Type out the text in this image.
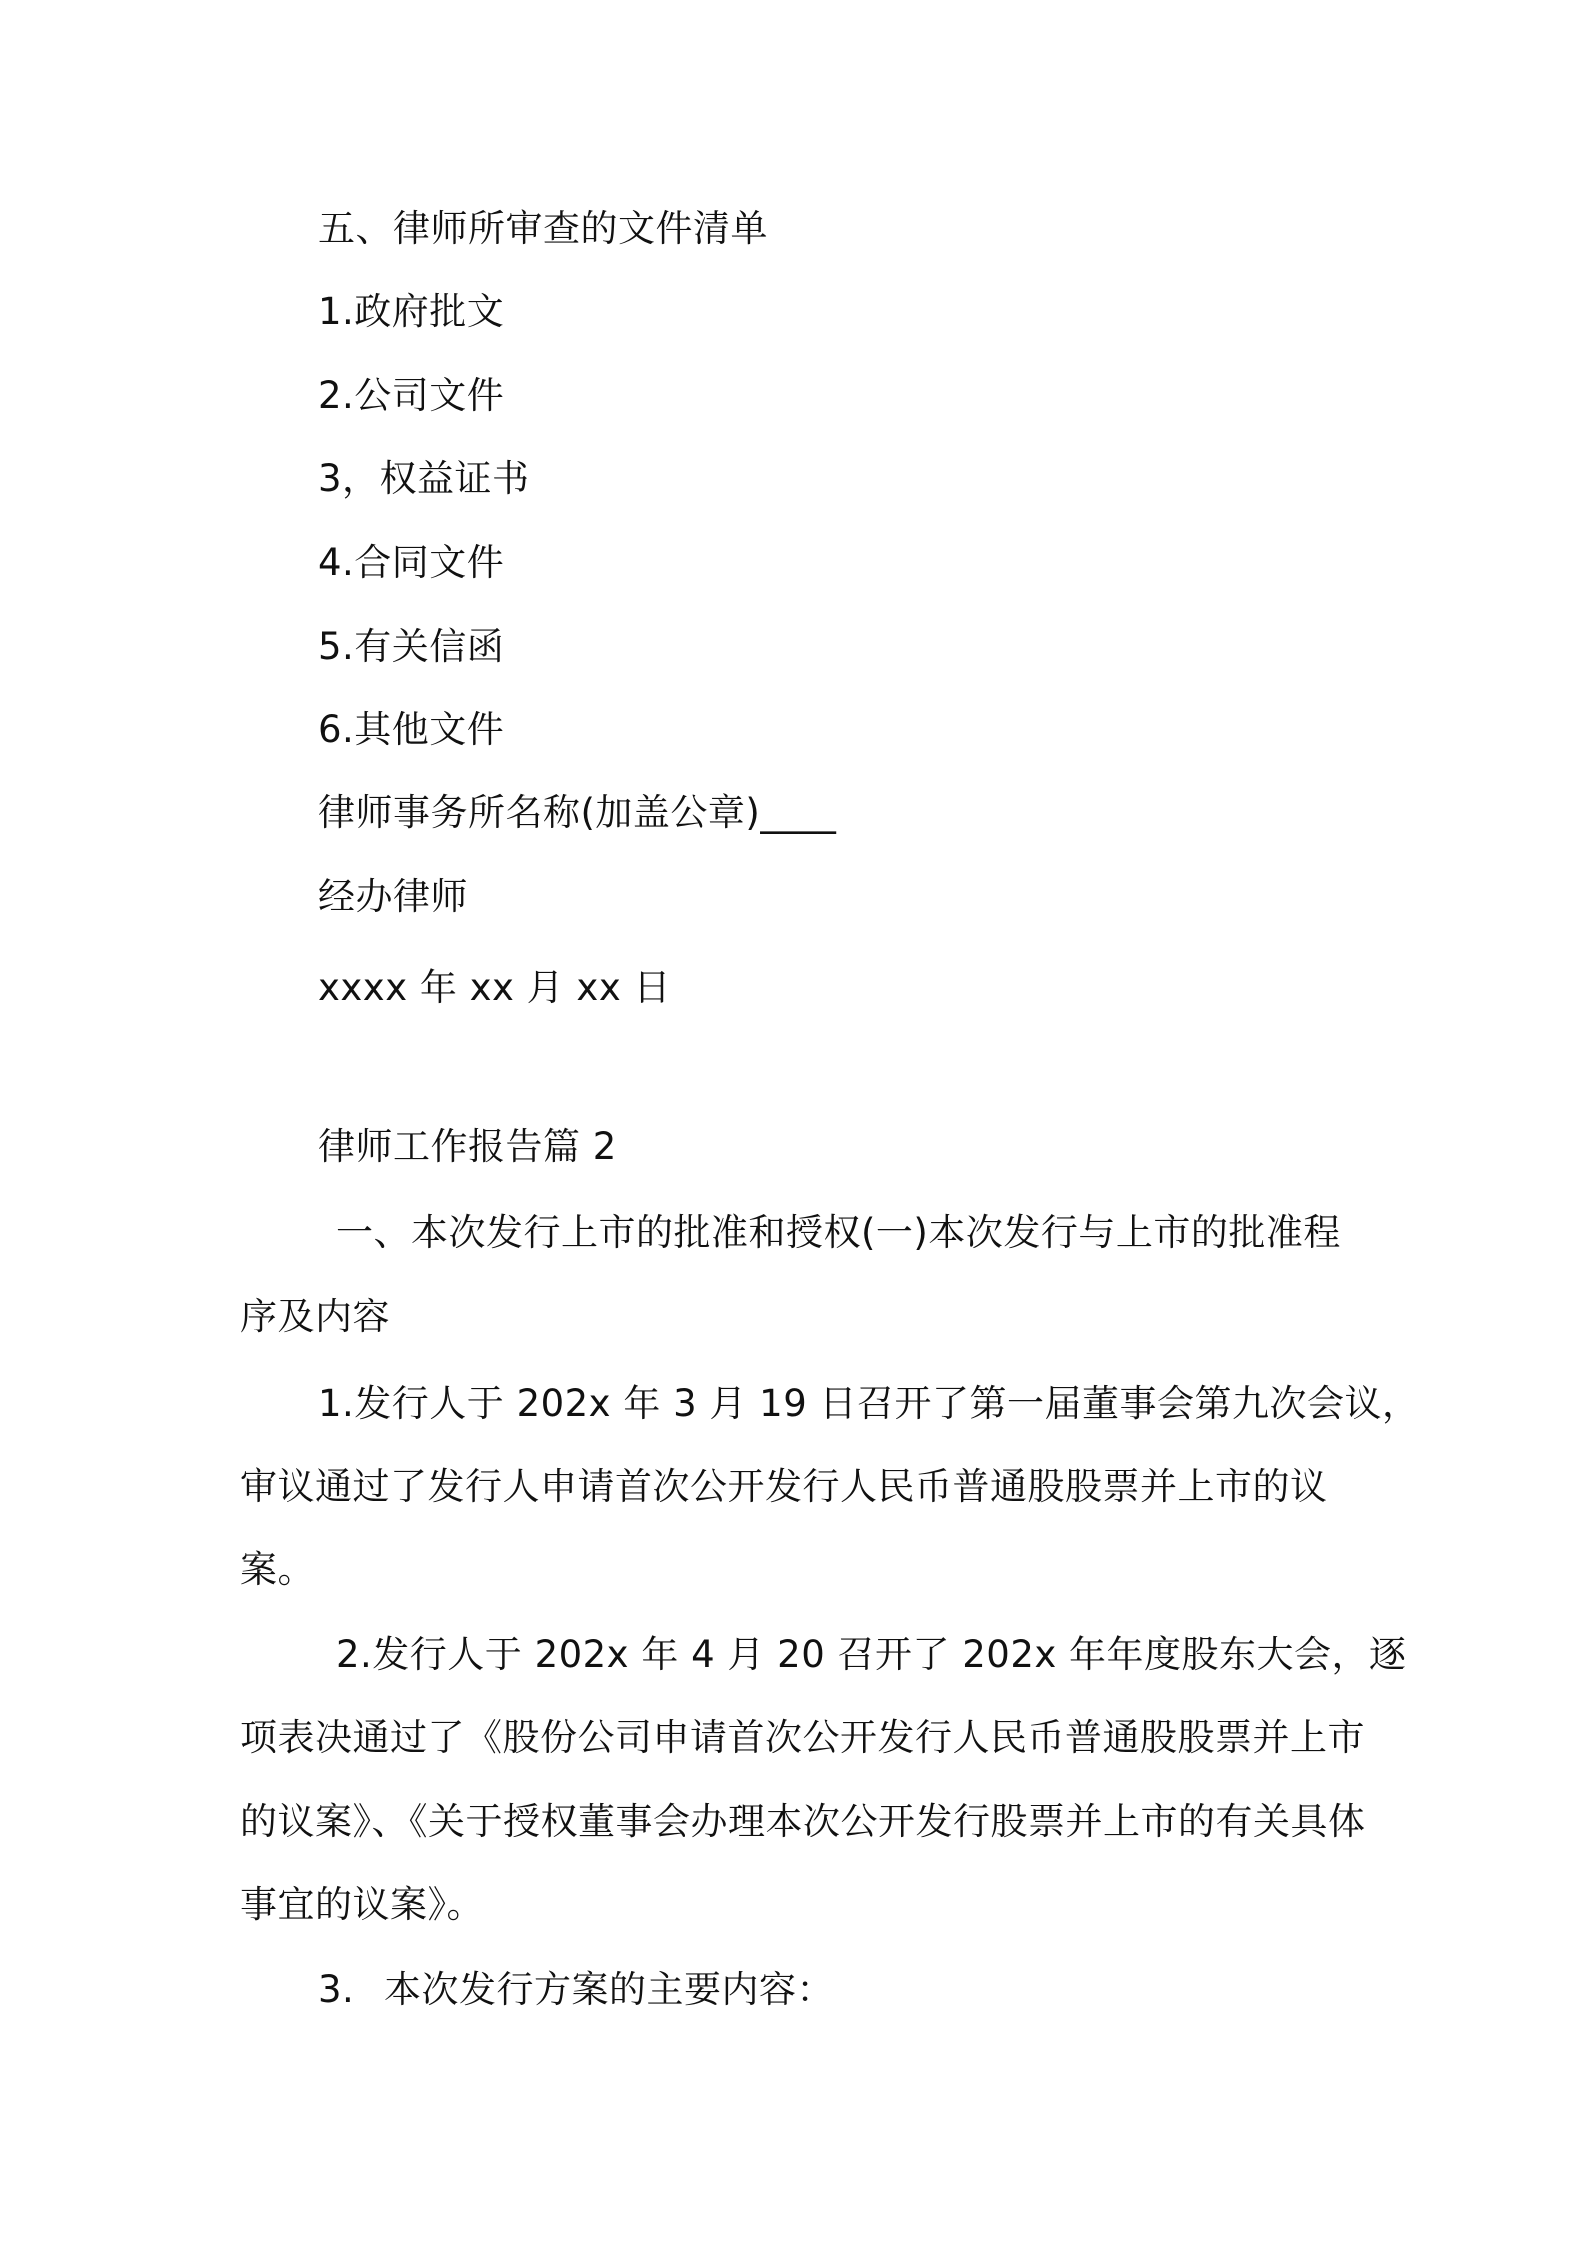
五、律师所审查的文件清单
1.政府批文
2.公司文件
3，权益证书
4.合同文件
5.有关信函
6.其他文件
律师事务所名称(加盖公章)____
经办律师
xxxx 年 xx 月 xx 日
律师工作报告篇 2
一、本次发行上市的批准和授权(一)本次发行与上市的批准程
序及内容
1.发行人于 202x 年 3 月 19 日召开了第一届董事会第九次会议，
审议通过了发行人申请首次公开发行人民币普通股股票并上市的议
案。
2.发行人于 202x 年 4 月 20 召开了 202x 年年度股东大会，逐
项表决通过了《股份公司申请首次公开发行人民币普通股股票并上市
的议案》、《关于授权董事会办理本次公开发行股票并上市的有关具体
事宜的议案》。
3. 本次发行方案的主要内容：
